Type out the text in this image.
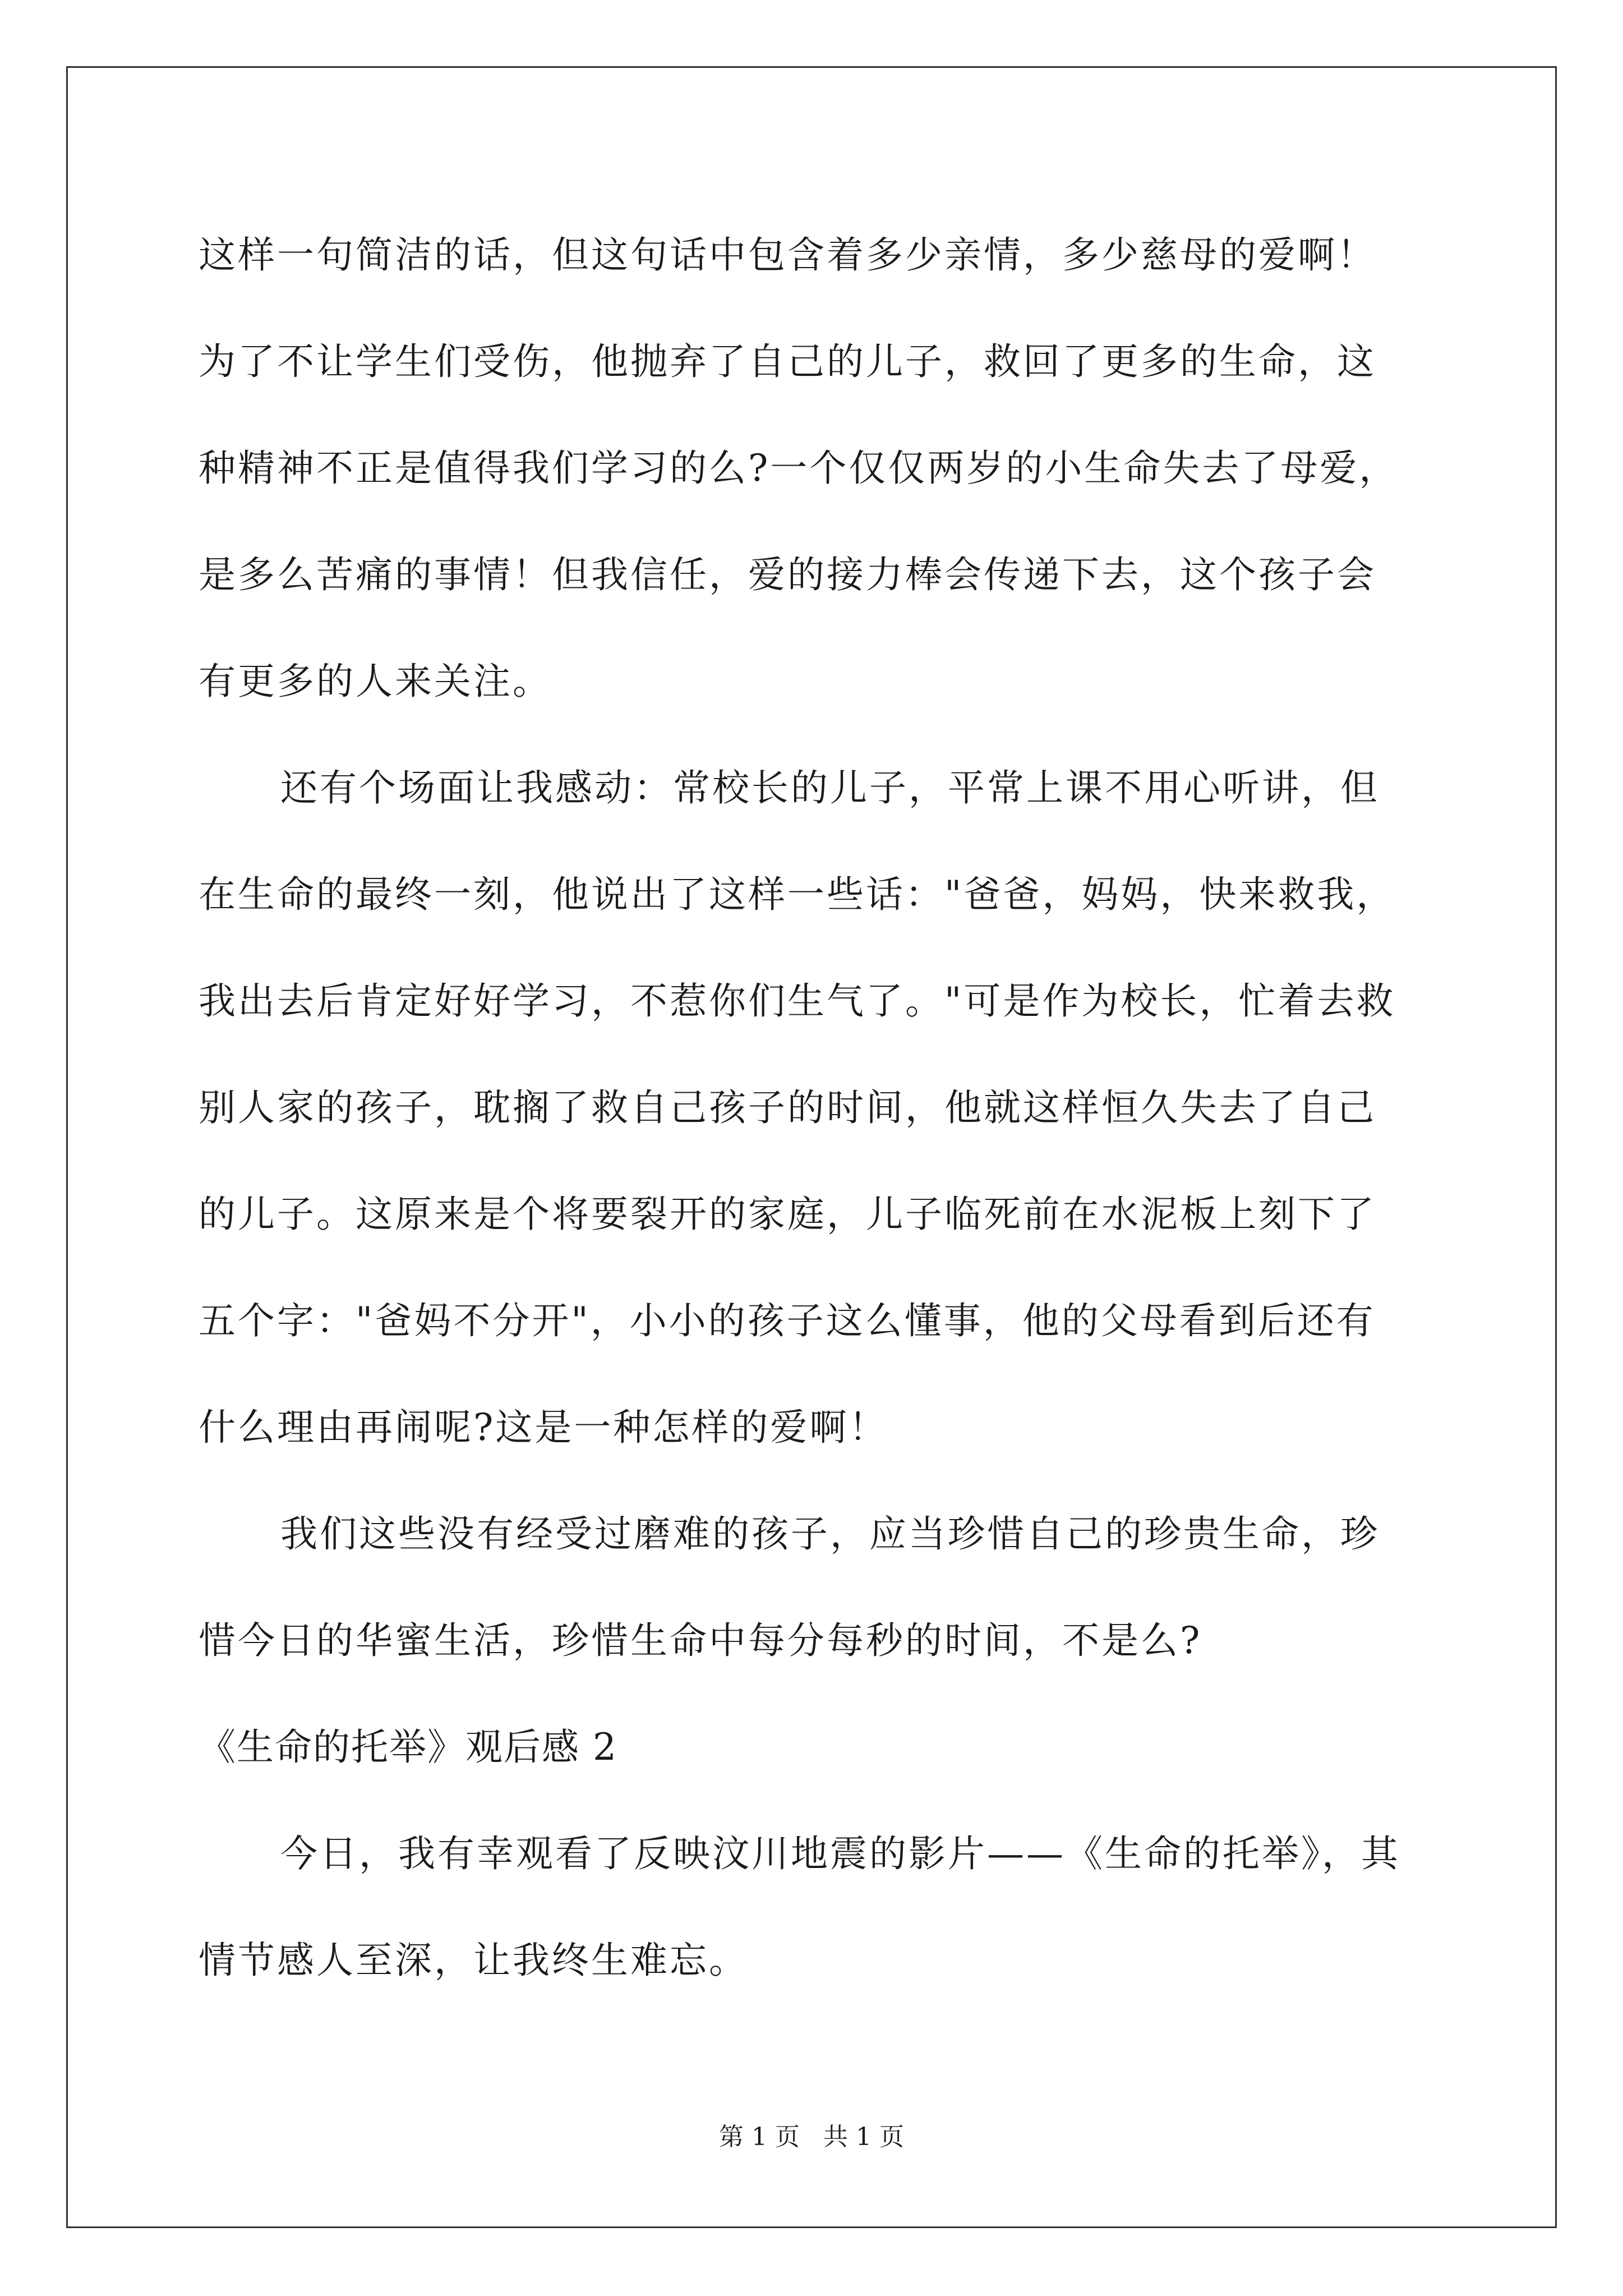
这样一句简洁的话，但这句话中包含着多少亲情，多少慈母的爱啊！
为了不让学生们受伤，他抛弃了自己的儿子，救回了更多的生命，这
种精神不正是值得我们学习的么?一个仅仅两岁的小生命失去了母爱，
是多么苦痛的事情！但我信任，爱的接力棒会传递下去，这个孩子会
有更多的人来关注。
还有个场面让我感动：常校长的儿子，平常上课不用心听讲，但
在生命的最终一刻，他说出了这样一些话："爸爸，妈妈，快来救我，
我出去后肯定好好学习，不惹你们生气了。"可是作为校长，忙着去救
别人家的孩子，耽搁了救自己孩子的时间，他就这样恒久失去了自己
的儿子。这原来是个将要裂开的家庭，儿子临死前在水泥板上刻下了
五个字："爸妈不分开"，小小的孩子这么懂事，他的父母看到后还有
什么理由再闹呢?这是一种怎样的爱啊！
我们这些没有经受过磨难的孩子，应当珍惜自己的珍贵生命，珍
惜今日的华蜜生活，珍惜生命中每分每秒的时间，不是么?
《生命的托举》观后感 2
今日，我有幸观看了反映汶川地震的影片——《生命的托举》，其
情节感人至深，让我终生难忘。
第 1 页   共 1 页
